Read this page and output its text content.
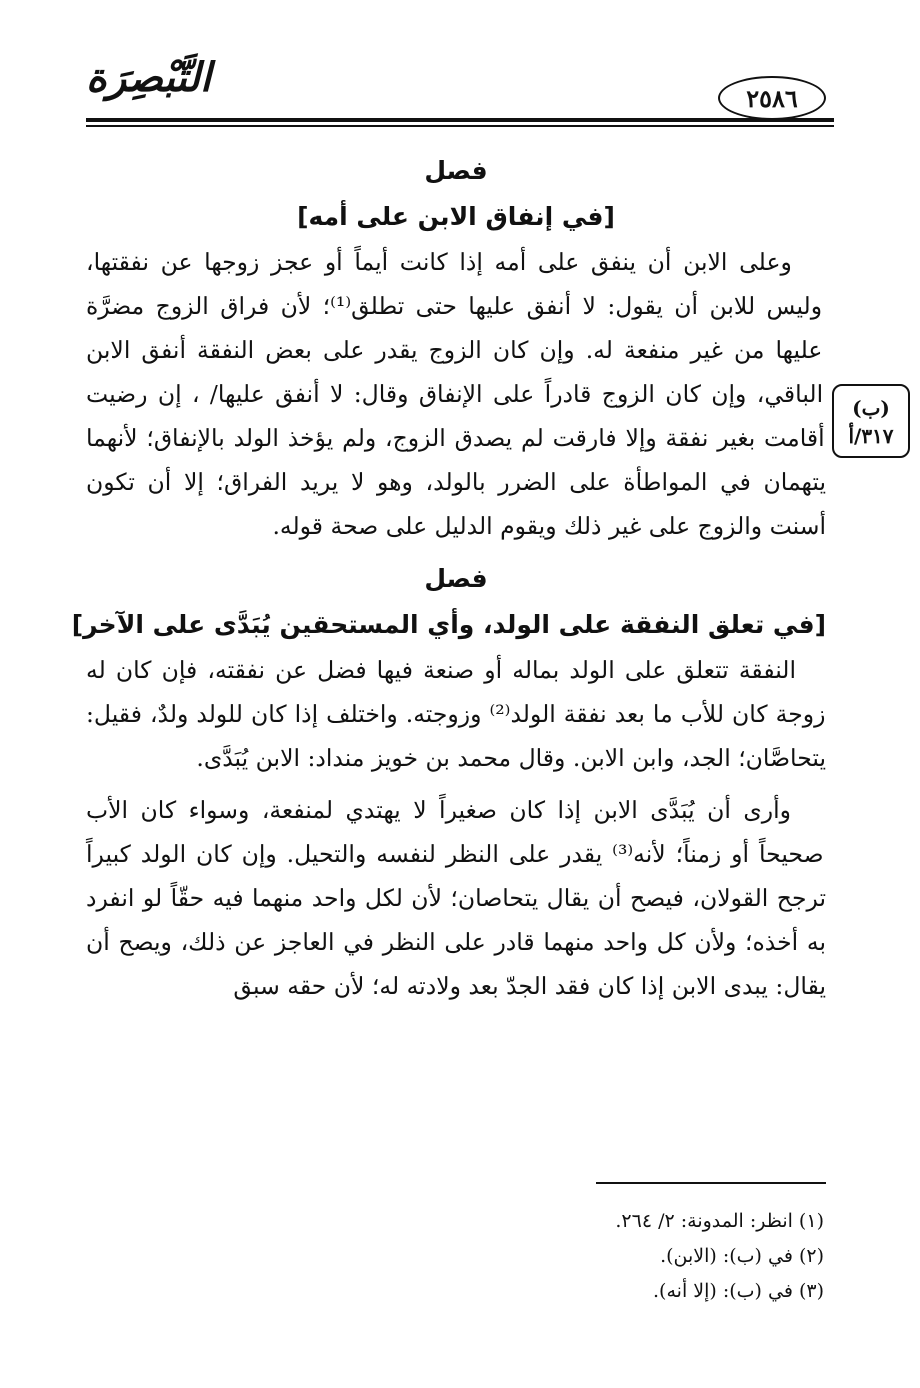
التَّبْصِرَة	٢٥٨٦
(ب)
٣١٧/أ
فصل
[في إنفاق الابن على أمه]
وعلى الابن أن ينفق على أمه إذا كانت أيماً أو عجز زوجها عن نفقتها، وليس للابن أن يقول: لا أنفق عليها حتى تطلق⁽¹⁾؛ لأن فراق الزوج مضرَّة عليها من غير منفعة له. وإن كان الزوج يقدر على بعض النفقة أنفق الابن الباقي، وإن كان الزوج قادراً على الإنفاق وقال: لا أنفق عليها/ ، إن رضيت أقامت بغير نفقة وإلا فارقت لم يصدق الزوج، ولم يؤخذ الولد بالإنفاق؛ لأنهما يتهمان في المواطأة على الضرر بالولد، وهو لا يريد الفراق؛ إلا أن تكون أسنت والزوج على غير ذلك ويقوم الدليل على صحة قوله.
فصل
[في تعلق النفقة على الولد، وأي المستحقين يُبَدَّى على الآخر]
النفقة تتعلق على الولد بماله أو صنعة فيها فضل عن نفقته، فإن كان له زوجة كان للأب ما بعد نفقة الولد⁽²⁾ وزوجته. واختلف إذا كان للولد ولدٌ، فقيل: يتحاصَّان؛ الجد، وابن الابن. وقال محمد بن خويز منداد: الابن يُبَدَّى.
وأرى أن يُبَدَّى الابن إذا كان صغيراً لا يهتدي لمنفعة، وسواء كان الأب صحيحاً أو زمناً؛ لأنه⁽³⁾ يقدر على النظر لنفسه والتحيل. وإن كان الولد كبيراً ترجح القولان، فيصح أن يقال يتحاصان؛ لأن لكل واحد منهما فيه حقّاً لو انفرد به أخذه؛ ولأن كل واحد منهما قادر على النظر في العاجز عن ذلك، ويصح أن يقال: يبدى الابن إذا كان فقد الجدّ بعد ولادته له؛ لأن حقه سبق

(١) انظر: المدونة: ٢/ ٢٦٤.

(٢) في (ب): (الابن).

(٣) في (ب): (إلا أنه).
